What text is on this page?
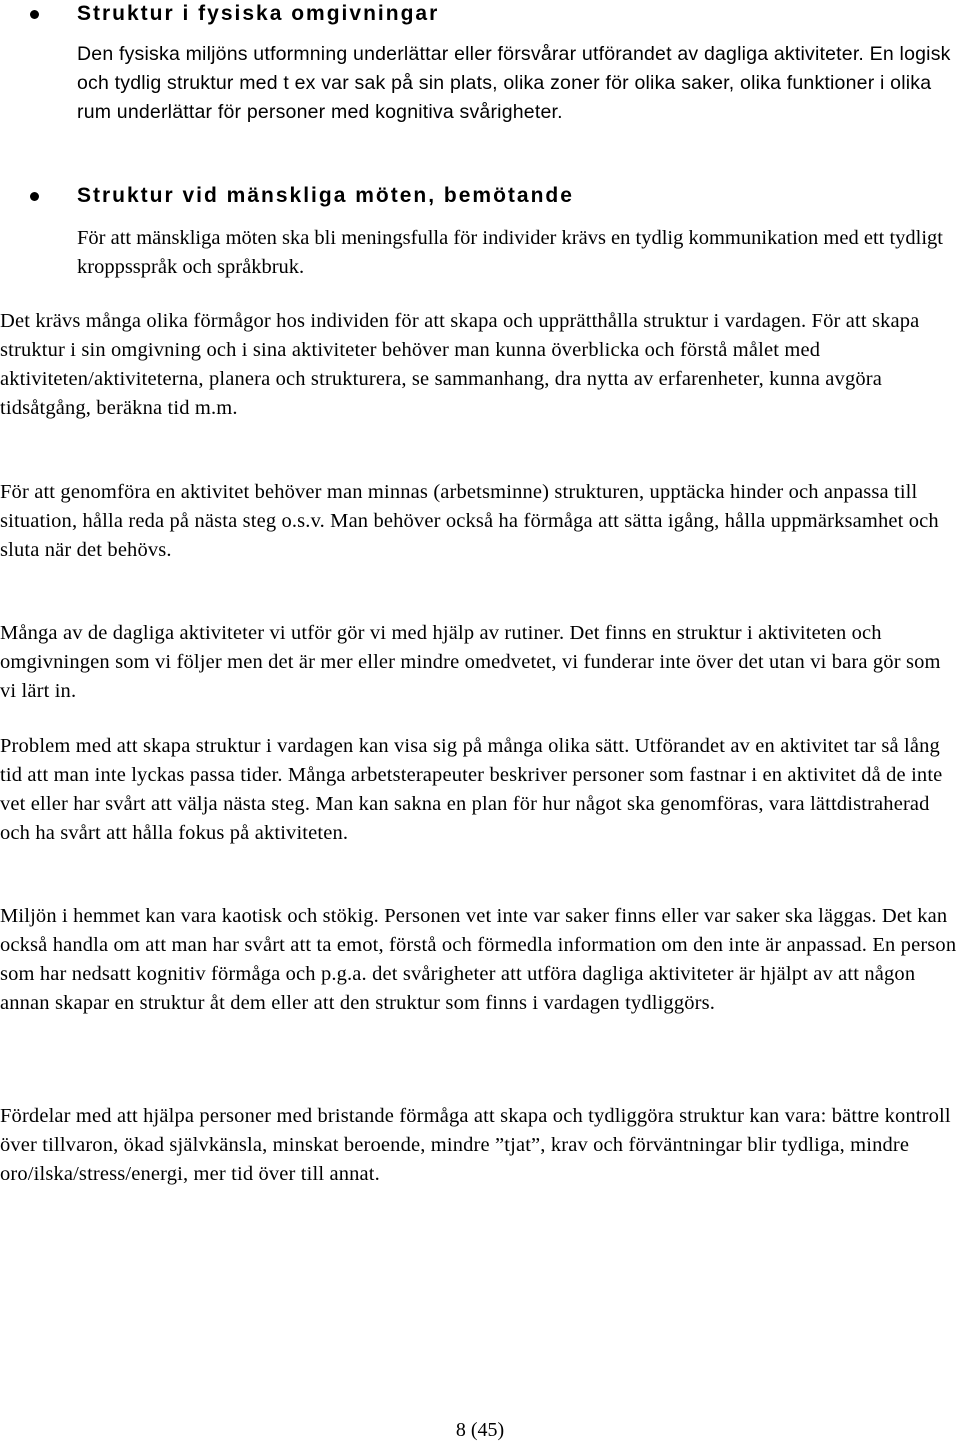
Struktur i fysiska omgivningar
Den fysiska miljöns utformning underlättar eller försvårar utförandet av dagliga aktiviteter. En logisk och tydlig struktur med t ex var sak på sin plats, olika zoner för olika saker, olika funktioner i olika rum underlättar för personer med kognitiva svårigheter.
Struktur vid mänskliga möten, bemötande
För att mänskliga möten ska bli meningsfulla för individer krävs en tydlig kommunikation med ett tydligt kroppsspråk och språkbruk.
Det krävs många olika förmågor hos individen för att skapa och upprätthålla struktur i vardagen. För att skapa struktur i sin omgivning och i sina aktiviteter behöver man kunna överblicka och förstå målet med aktiviteten/aktiviteterna, planera och strukturera, se sammanhang, dra nytta av erfarenheter, kunna avgöra tidsåtgång, beräkna tid m.m.
För att genomföra en aktivitet behöver man minnas (arbetsminne) strukturen, upptäcka hinder och anpassa till situation, hålla reda på nästa steg o.s.v. Man behöver också ha förmåga att sätta igång, hålla uppmärksamhet och sluta när det behövs.
Många av de dagliga aktiviteter vi utför gör vi med hjälp av rutiner. Det finns en struktur i aktiviteten och omgivningen som vi följer men det är mer eller mindre omedvetet, vi funderar inte över det utan vi bara gör som vi lärt in.
Problem med att skapa struktur i vardagen kan visa sig på många olika sätt. Utförandet av en aktivitet tar så lång tid att man inte lyckas passa tider. Många arbetsterapeuter beskriver personer som fastnar i en aktivitet då de inte vet eller har svårt att välja nästa steg. Man kan sakna en plan för hur något ska genomföras, vara lättdistraherad och ha svårt att hålla fokus på aktiviteten.
Miljön i hemmet kan vara kaotisk och stökig. Personen vet inte var saker finns eller var saker ska läggas. Det kan också handla om att man har svårt att ta emot, förstå och förmedla information om den inte är anpassad. En person som har nedsatt kognitiv förmåga och p.g.a. det svårigheter att utföra dagliga aktiviteter är hjälpt av att någon annan skapar en struktur åt dem eller att den struktur som finns i vardagen tydliggörs.
Fördelar med att hjälpa personer med bristande förmåga att skapa och tydliggöra struktur kan vara: bättre kontroll över tillvaron, ökad självkänsla, minskat beroende, mindre ”tjat”, krav och förväntningar blir tydliga, mindre oro/ilska/stress/energi, mer tid över till annat.
8 (45)
